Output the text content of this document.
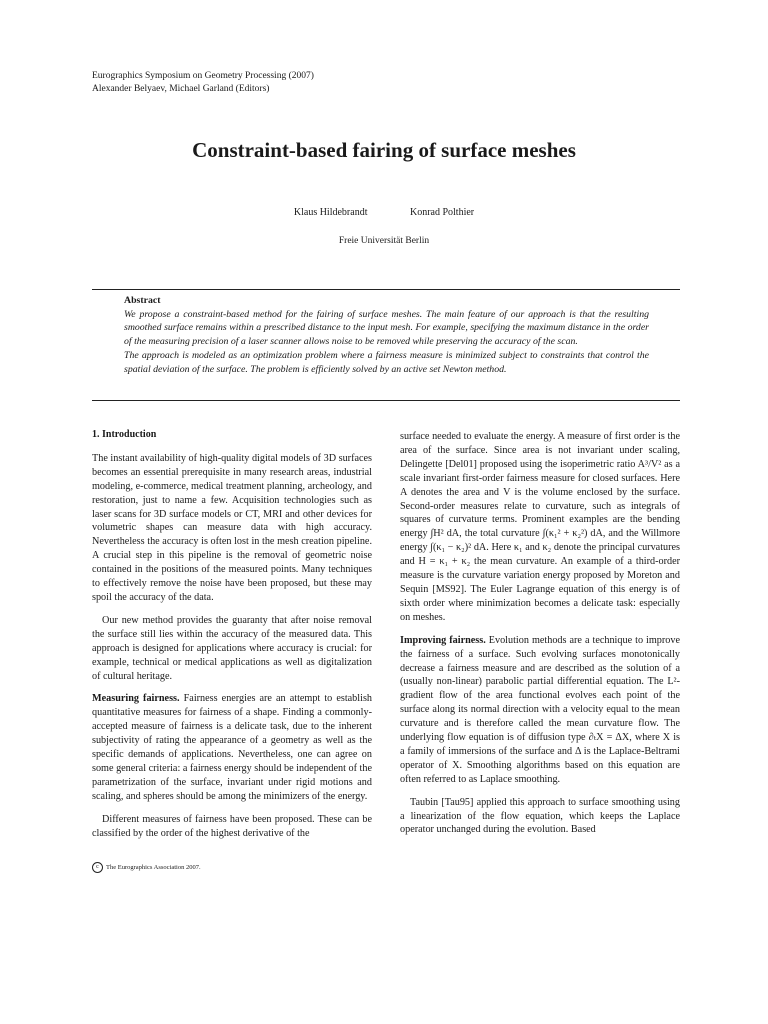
Eurographics Symposium on Geometry Processing (2007)
Alexander Belyaev, Michael Garland (Editors)
Constraint-based fairing of surface meshes
Klaus Hildebrandt	Konrad Polthier
Freie Universität Berlin
Abstract

We propose a constraint-based method for the fairing of surface meshes. The main feature of our approach is that the resulting smoothed surface remains within a prescribed distance to the input mesh. For example, specifying the maximum distance in the order of the measuring precision of a laser scanner allows noise to be removed while preserving the accuracy of the scan.

The approach is modeled as an optimization problem where a fairness measure is minimized subject to constraints that control the spatial deviation of the surface. The problem is efficiently solved by an active set Newton method.

1. Introduction

The instant availability of high-quality digital models of 3D surfaces becomes an essential prerequisite in many research areas, industrial modeling, e-commerce, medical treatment planning, archeology, and restoration, just to name a few. Acquisition technologies such as laser scans for 3D surface models or CT, MRI and other devices for volumetric shapes can measure data with high accuracy. Nevertheless the accuracy is often lost in the mesh creation pipeline. A crucial step in this pipeline is the removal of geometric noise contained in the positions of the measured points. Many techniques to effectively remove the noise have been proposed, but these may spoil the accuracy of the data.

Our new method provides the guaranty that after noise removal the surface still lies within the accuracy of the measured data. This approach is designed for applications where accuracy is crucial: for example, technical or medical applications as well as digitalization of cultural heritage.

Measuring fairness. Fairness energies are an attempt to establish quantitative measures for fairness of a shape. Finding a commonly-accepted measure of fairness is a delicate task, due to the inherent subjectivity of rating the appearance of a geometry as well as the specific demands of applications. Nevertheless, one can agree on some general criteria: a fairness energy should be independent of the parametrization of the surface, invariant under rigid motions and scaling, and spheres should be among the minimizers of the energy.

Different measures of fairness have been proposed. These can be classified by the order of the highest derivative of the

surface needed to evaluate the energy. A measure of first order is the area of the surface. Since area is not invariant under scaling, Delingette [Del01] proposed using the isoperimetric ratio A³/V² as a scale invariant first-order fairness measure for closed surfaces. Here A denotes the area and V is the volume enclosed by the surface. Second-order measures relate to curvature, such as integrals of squares of curvature terms. Prominent examples are the bending energy ∫H² dA, the total curvature ∫(κ₁² + κ₂²) dA, and the Willmore energy ∫(κ₁ − κ₂)² dA. Here κ₁ and κ₂ denote the principal curvatures and H = κ₁ + κ₂ the mean curvature. An example of a third-order measure is the curvature variation energy proposed by Moreton and Sequin [MS92]. The Euler Lagrange equation of this energy is of sixth order where minimization becomes a delicate task: especially on meshes.

Improving fairness. Evolution methods are a technique to improve the fairness of a surface. Such evolving surfaces monotonically decrease a fairness measure and are described as the solution of a (usually non-linear) parabolic partial differential equation. The L²-gradient flow of the area functional evolves each point of the surface along its normal direction with a velocity equal to the mean curvature and is therefore called the mean curvature flow. The underlying flow equation is of diffusion type ∂ₜX = ΔX, where X is a family of immersions of the surface and Δ is the Laplace-Beltrami operator of X. Smoothing algorithms based on this equation are often referred to as Laplace smoothing.

Taubin [Tau95] applied this approach to surface smoothing using a linearization of the flow equation, which keeps the Laplace operator unchanged during the evolution. Based

c The Eurographics Association 2007.
